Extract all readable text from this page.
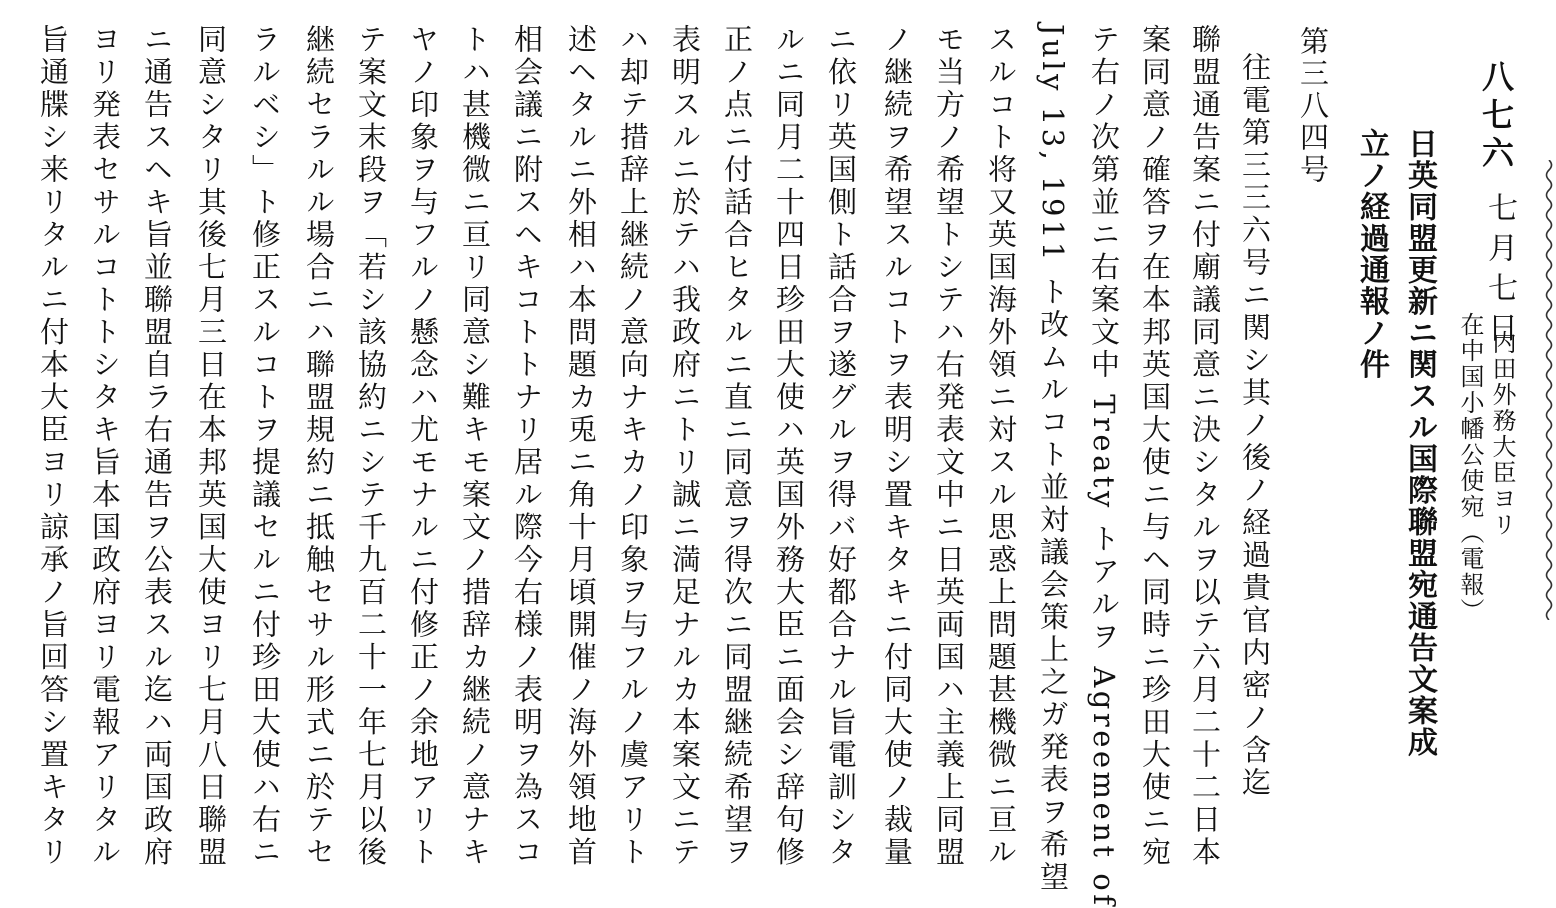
八七六
七月七日
内田外務大臣ヨリ
在中国小幡公使宛（電報）
日英同盟更新ニ関スル国際聯盟宛通告文案成
立ノ経過通報ノ件
第三八四号
往電第三三六号ニ関シ其ノ後ノ経過貴官内密ノ含迄
聯盟通告案ニ付廟議同意ニ決シタルヲ以テ六月二十二日本
案同意ノ確答ヲ在本邦英国大使ニ与ヘ同時ニ珍田大使ニ宛
テ右ノ次第並ニ右案文中 Treaty トアルヲ Agreement of
July 13, 1911 ト改ムルコト並対議会策上之ガ発表ヲ希望
スルコト将又英国海外領ニ対スル思惑上問題甚機微ニ亘ル
モ当方ノ希望トシテハ右発表文中ニ日英両国ハ主義上同盟
ノ継続ヲ希望スルコトヲ表明シ置キタキニ付同大使ノ裁量
ニ依リ英国側ト話合ヲ遂グルヲ得バ好都合ナル旨電訓シタ
ルニ同月二十四日珍田大使ハ英国外務大臣ニ面会シ辞句修
正ノ点ニ付話合ヒタルニ直ニ同意ヲ得次ニ同盟継続希望ヲ
表明スルニ於テハ我政府ニトリ誠ニ満足ナルカ本案文ニテ
ハ却テ措辞上継続ノ意向ナキカノ印象ヲ与フルノ虞アリト
述ヘタルニ外相ハ本問題カ兎ニ角十月頃開催ノ海外領地首
相会議ニ附スヘキコトトナリ居ル際今右様ノ表明ヲ為スコ
トハ甚機微ニ亘リ同意シ難キモ案文ノ措辞カ継続ノ意ナキ
ヤノ印象ヲ与フルノ懸念ハ尤モナルニ付修正ノ余地アリト
テ案文末段ヲ「若シ該協約ニシテ千九百二十一年七月以後
継続セラルル場合ニハ聯盟規約ニ抵触セサル形式ニ於テセ
ラルベシ」ト修正スルコトヲ提議セルニ付珍田大使ハ右ニ
同意シタリ其後七月三日在本邦英国大使ヨリ七月八日聯盟
ニ通告スヘキ旨並聯盟自ラ右通告ヲ公表スル迄ハ両国政府
ヨリ発表セサルコトトシタキ旨本国政府ヨリ電報アリタル
旨通牒シ来リタルニ付本大臣ヨリ諒承ノ旨回答シ置キタリ
